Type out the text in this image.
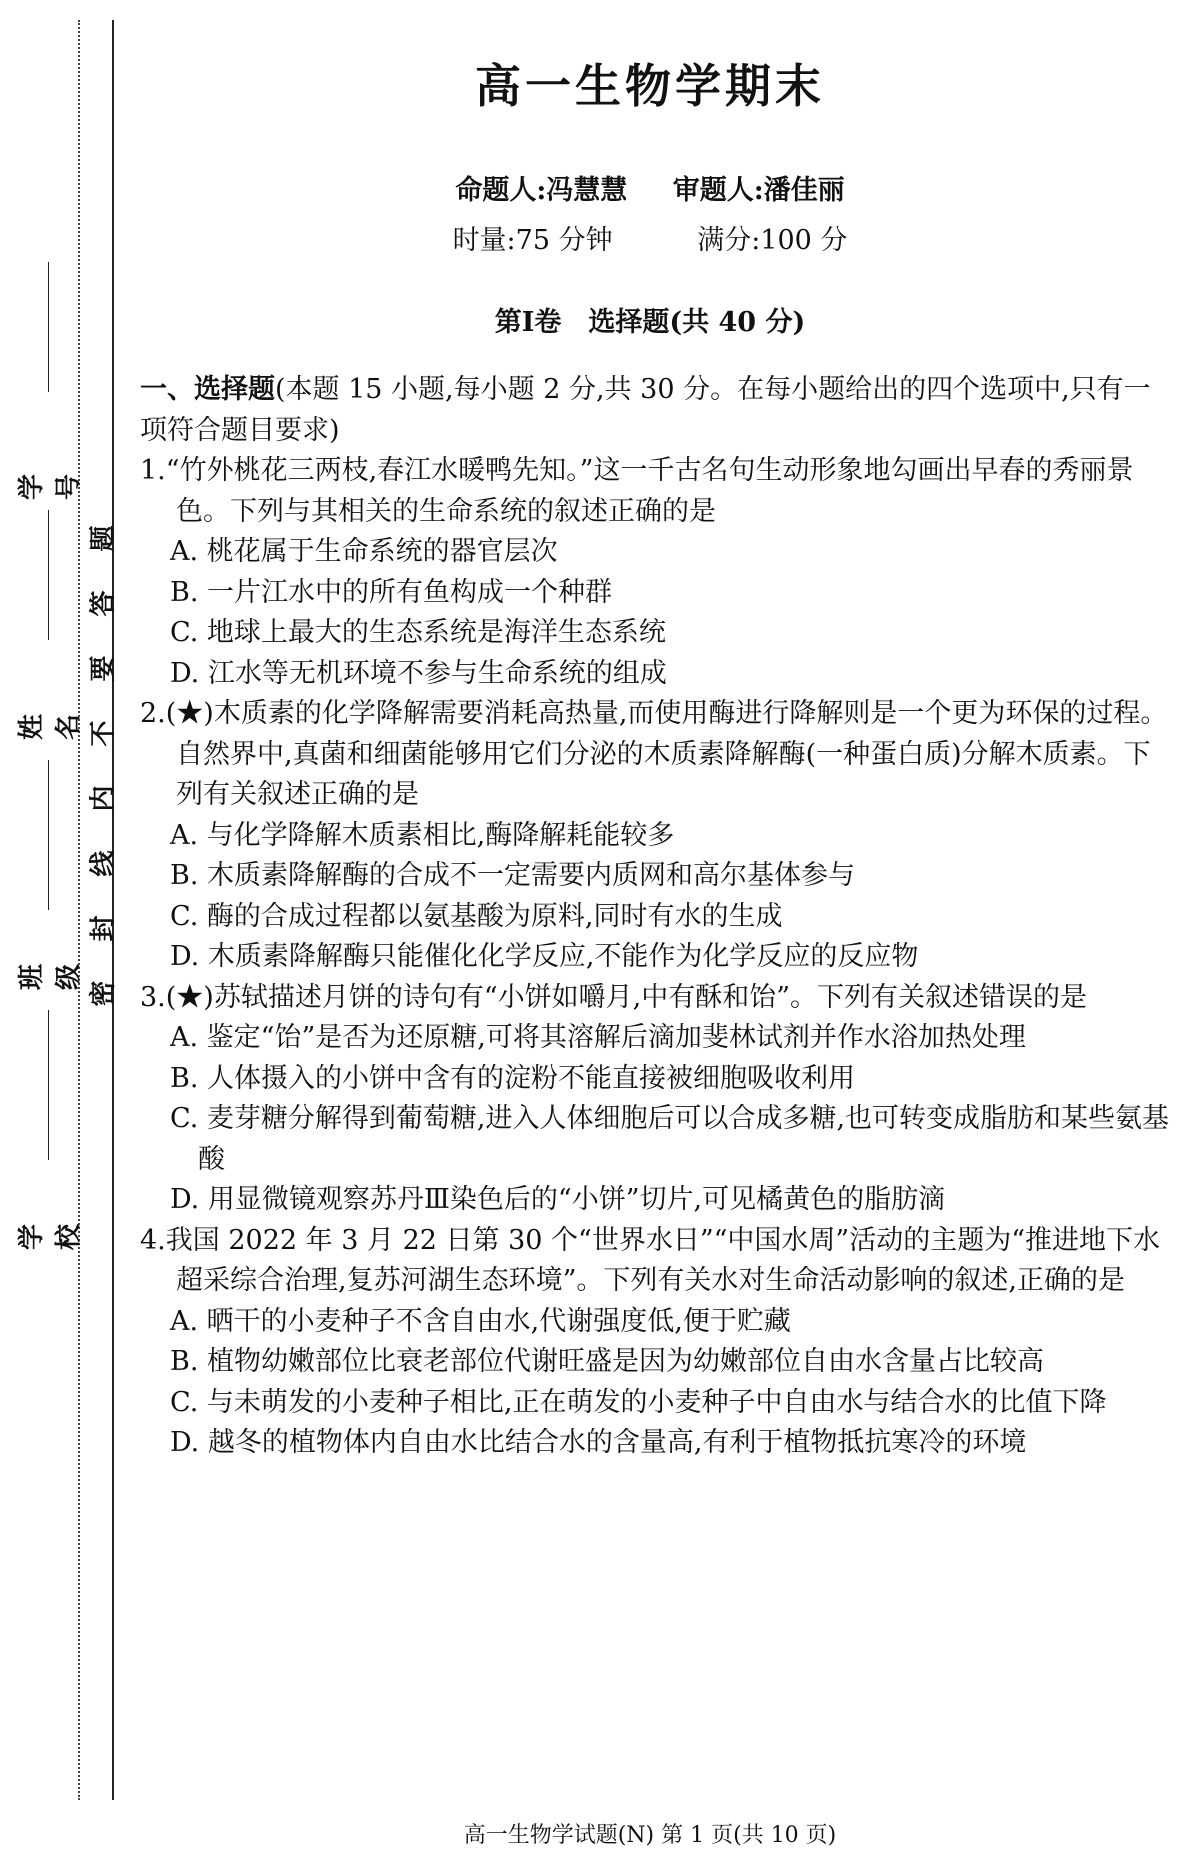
学号
姓名
班级
学校
题
答
要
不
内
线
封
密
高一生物学期末
命题人:冯慧慧 审题人:潘佳丽
时量:75 分钟	满分:100 分
第Ⅰ卷　选择题(共 40 分)
一、选择题(本题 15 小题,每小题 2 分,共 30 分。在每小题给出的四个选项中,只有一项符合题目要求)
1.“竹外桃花三两枝,春江水暖鸭先知。”这一千古名句生动形象地勾画出早春的秀丽景色。下列与其相关的生命系统的叙述正确的是
A. 桃花属于生命系统的器官层次
B. 一片江水中的所有鱼构成一个种群
C. 地球上最大的生态系统是海洋生态系统
D. 江水等无机环境不参与生命系统的组成
2.(★)木质素的化学降解需要消耗高热量,而使用酶进行降解则是一个更为环保的过程。自然界中,真菌和细菌能够用它们分泌的木质素降解酶(一种蛋白质)分解木质素。下列有关叙述正确的是
A. 与化学降解木质素相比,酶降解耗能较多
B. 木质素降解酶的合成不一定需要内质网和高尔基体参与
C. 酶的合成过程都以氨基酸为原料,同时有水的生成
D. 木质素降解酶只能催化化学反应,不能作为化学反应的反应物
3.(★)苏轼描述月饼的诗句有“小饼如嚼月,中有酥和饴”。下列有关叙述错误的是
A. 鉴定“饴”是否为还原糖,可将其溶解后滴加斐林试剂并作水浴加热处理
B. 人体摄入的小饼中含有的淀粉不能直接被细胞吸收利用
C. 麦芽糖分解得到葡萄糖,进入人体细胞后可以合成多糖,也可转变成脂肪和某些氨基酸
D. 用显微镜观察苏丹Ⅲ染色后的“小饼”切片,可见橘黄色的脂肪滴
4.我国 2022 年 3 月 22 日第 30 个“世界水日”“中国水周”活动的主题为“推进地下水超采综合治理,复苏河湖生态环境”。下列有关水对生命活动影响的叙述,正确的是
A. 晒干的小麦种子不含自由水,代谢强度低,便于贮藏
B. 植物幼嫩部位比衰老部位代谢旺盛是因为幼嫩部位自由水含量占比较高
C. 与未萌发的小麦种子相比,正在萌发的小麦种子中自由水与结合水的比值下降
D. 越冬的植物体内自由水比结合水的含量高,有利于植物抵抗寒冷的环境
高一生物学试题(N) 第 1 页(共 10 页)
